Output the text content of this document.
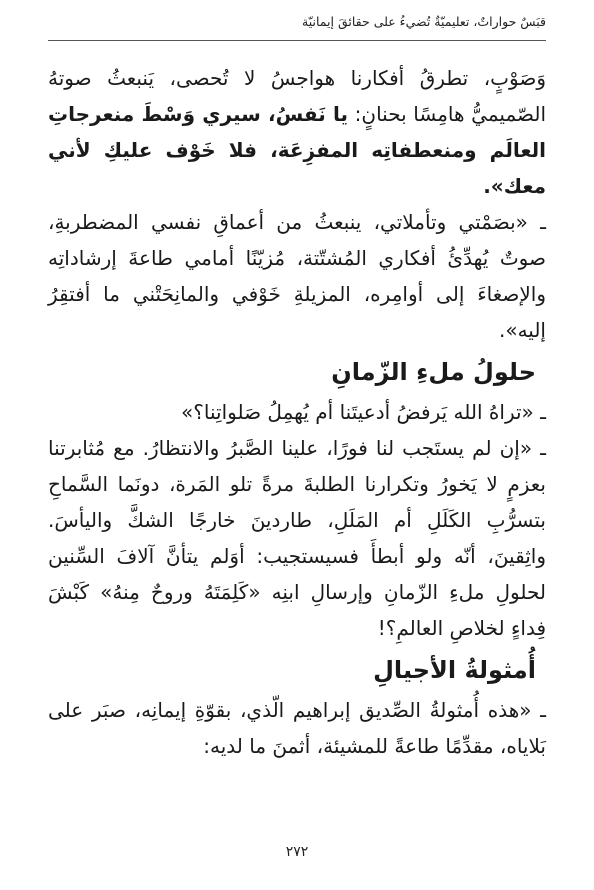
قبَسٌ حواراتٌ، تعليميّةٌ تُضيءُ على حقائقَ إيمانيّة

وَصَوْبٍ، تطرقُ أفكارنا هواجسُ لا تُحصى، يَنبعثُ صوتهُ الصّميميُّ هامِسًا بحنانٍ: يا نَفسُ، سيري وَسْطَ منعرجاتِ العالَم ومنعطفاتِه المفزِعَة، فلا خَوْف عليكِ لأني معك».

ـ «بصَمْتي وتأملاتي، ينبعثُ من أعماقِ نفسي المضطربةِ، صوتٌ يُهدِّئُ أفكاري المُشتّتة، مُزيّنًا أمامي طاعةَ إرشاداتِه والإصغاءَ إلى أوامِره، المزيلةِ خَوْفي والمانِحَتْني ما أفتقِرُ إليه».

حلولُ ملءِ الزّمانِ

ـ «تراهُ الله يَرفضُ أدعيتَنا أم يُهمِلُ صَلواتِنا؟»

ـ «إن لم يستَجب لنا فورًا، علينا الصَّبرُ والانتظارُ. مع مُثابرتنا بعزمٍ لا يَخورُ وتكرارنا الطلبةَ مرةً تلو المَرة، دونَما السَّماحِ بتسرُّبِ الكَلَلِ أم المَلَلِ، طاردينَ خارجًا الشكَّ واليأسَ. واثِقينَ، أنّه ولو أبطأَ فسيستجيب: أوَلم يتأنَّ آلافَ السِّنين لحلولِ ملءِ الزّمانِ وإرسالِ ابنِه «كَلِمَتَهُ وروحٌ مِنهُ» كَبْشَ فِداءٍ لخلاصِ العالمِ؟!

أُمثولةُ الأجيالِ

ـ «هذه أُمثولةُ الصِّديق إبراهيم الّذي، بقوّةِ إيمانِه، صبَر على بَلاياه، مقدِّمًا طاعةً للمشيئة، أثمنَ ما لديه:

٢٧٢
